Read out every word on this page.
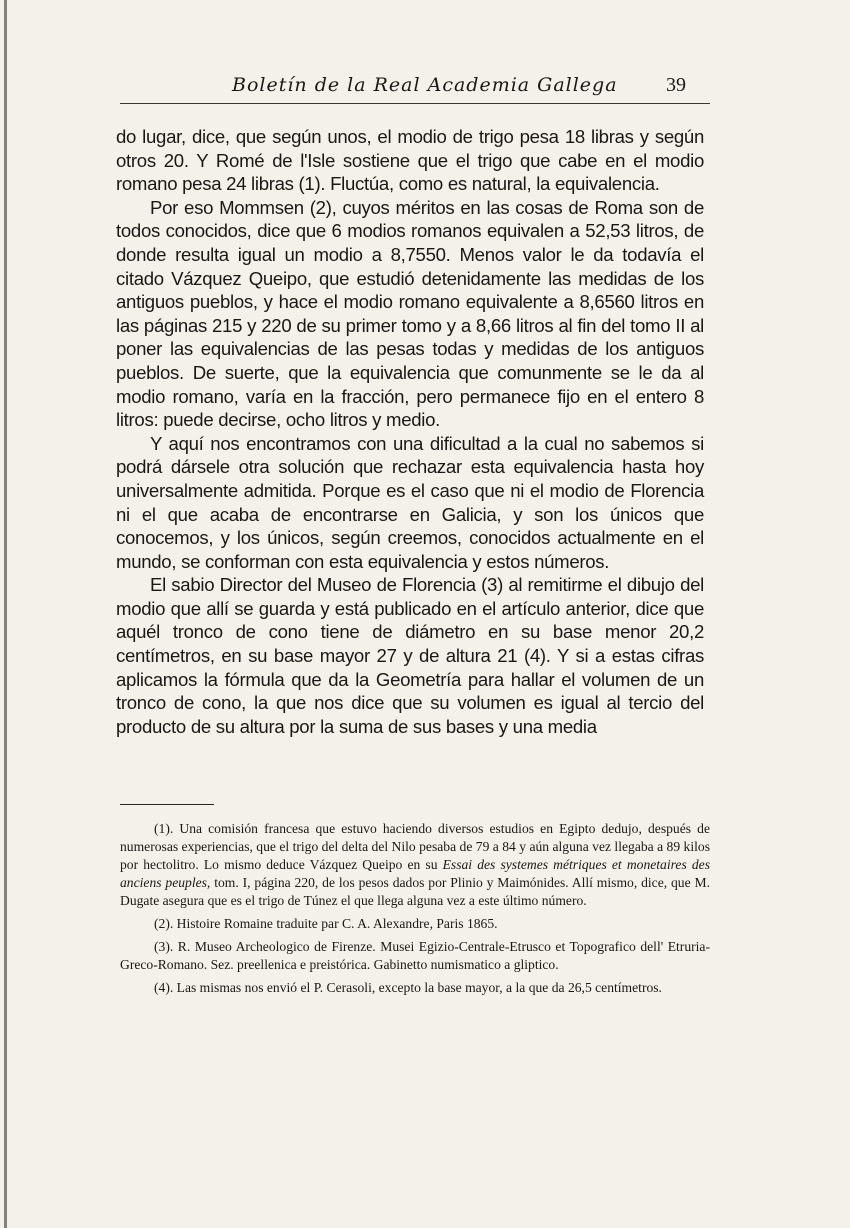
Boletín de la Real Academia Gallega 39

do lugar, dice, que según unos, el modio de trigo pesa 18 libras y según otros 20. Y Romé de l'Isle sostiene que el trigo que cabe en el modio romano pesa 24 libras (1). Fluctúa, como es natural, la equivalencia.

Por eso Mommsen (2), cuyos méritos en las cosas de Roma son de todos conocidos, dice que 6 modios romanos equivalen a 52,53 litros, de donde resulta igual un modio a 8,7550. Menos valor le da todavía el citado Vázquez Queipo, que estudió detenidamente las medidas de los antiguos pueblos, y hace el modio romano equivalente a 8,6560 litros en las páginas 215 y 220 de su primer tomo y a 8,66 litros al fin del tomo II al poner las equivalencias de las pesas todas y medidas de los antiguos pueblos. De suerte, que la equivalencia que comunmente se le da al modio romano, varía en la fracción, pero permanece fijo en el entero 8 litros: puede decirse, ocho litros y medio.

Y aquí nos encontramos con una dificultad a la cual no sabemos si podrá dársele otra solución que rechazar esta equivalencia hasta hoy universalmente admitida. Porque es el caso que ni el modio de Florencia ni el que acaba de encontrarse en Galicia, y son los únicos que conocemos, y los únicos, según creemos, conocidos actualmente en el mundo, se conforman con esta equivalencia y estos números.

El sabio Director del Museo de Florencia (3) al remitirme el dibujo del modio que allí se guarda y está publicado en el artículo anterior, dice que aquél tronco de cono tiene de diámetro en su base menor 20,2 centímetros, en su base mayor 27 y de altura 21 (4). Y si a estas cifras aplicamos la fórmula que da la Geometría para hallar el volumen de un tronco de cono, la que nos dice que su volumen es igual al tercio del producto de su altura por la suma de sus bases y una media

(1). Una comisión francesa que estuvo haciendo diversos estudios en Egipto dedujo, después de numerosas experiencias, que el trigo del delta del Nilo pesaba de 79 a 84 y aún alguna vez llegaba a 89 kilos por hectolitro. Lo mismo deduce Vázquez Queipo en su Essai des systemes métriques et monetaires des anciens peuples, tom. I, página 220, de los pesos dados por Plinio y Maimónides. Allí mismo, dice, que M. Dugate asegura que es el trigo de Túnez el que llega alguna vez a este último número.

(2). Histoire Romaine traduite par C. A. Alexandre, Paris 1865.

(3). R. Museo Archeologico de Firenze. Musei Egizio-Centrale-Etrusco et Topografico dell' Etruria-Greco-Romano. Sez. preellenica e preistórica. Gabinetto numismatico a gliptico.

(4). Las mismas nos envió el P. Cerasoli, excepto la base mayor, a la que da 26,5 centímetros.
